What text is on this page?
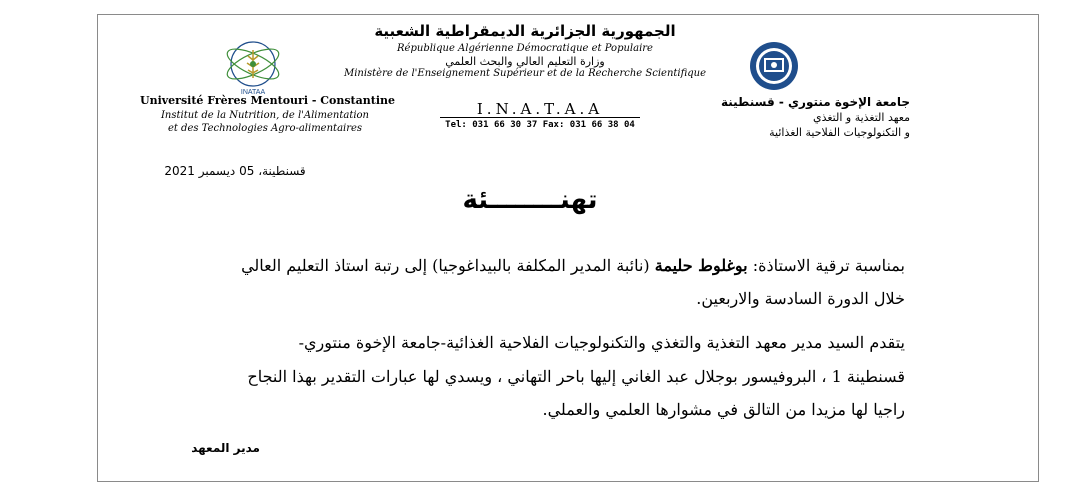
الجمهورية الجزائرية الديمقراطية الشعبية
République Algérienne Démocratique et Populaire
وزارة التعليم العالي والبحث العلمي
Ministère de l'Enseignement Supérieur et de la Recherche Scientifique
INATAA
Université Frères Mentouri - Constantine
Institut de la Nutrition, de l'Alimentation
et des Technologies Agro-alimentaires
I.N.A.T.A.A
Tel: 031 66 30 37 Fax: 031 66 38 04
جامعة الإخوة منتوري - قسنطينة
معهد التغذية و التغذي
و التكنولوجيات الفلاحية الغذائية
قسنطينة، 05 ديسمبر 2021
تهنــــــــئة
بمناسبة ترقية الاستاذة: بوغلوط حليمة (نائبة المدير المكلفة بالبيداغوجيا) إلى رتبة استاذ التعليم العالي
خلال الدورة السادسة والاربعين.
يتقدم السيد مدير معهد التغذية والتغذي والتكنولوجيات الفلاحية الغذائية-جامعة الإخوة منتوري-
قسنطينة 1 ، البروفيسور بوجلال عبد الغاني إليها باحر التهاني ، ويسدي لها عبارات التقدير بهذا النجاح
راجيا لها مزيدا من التالق في مشوارها العلمي والعملي.
مدير المعهد
